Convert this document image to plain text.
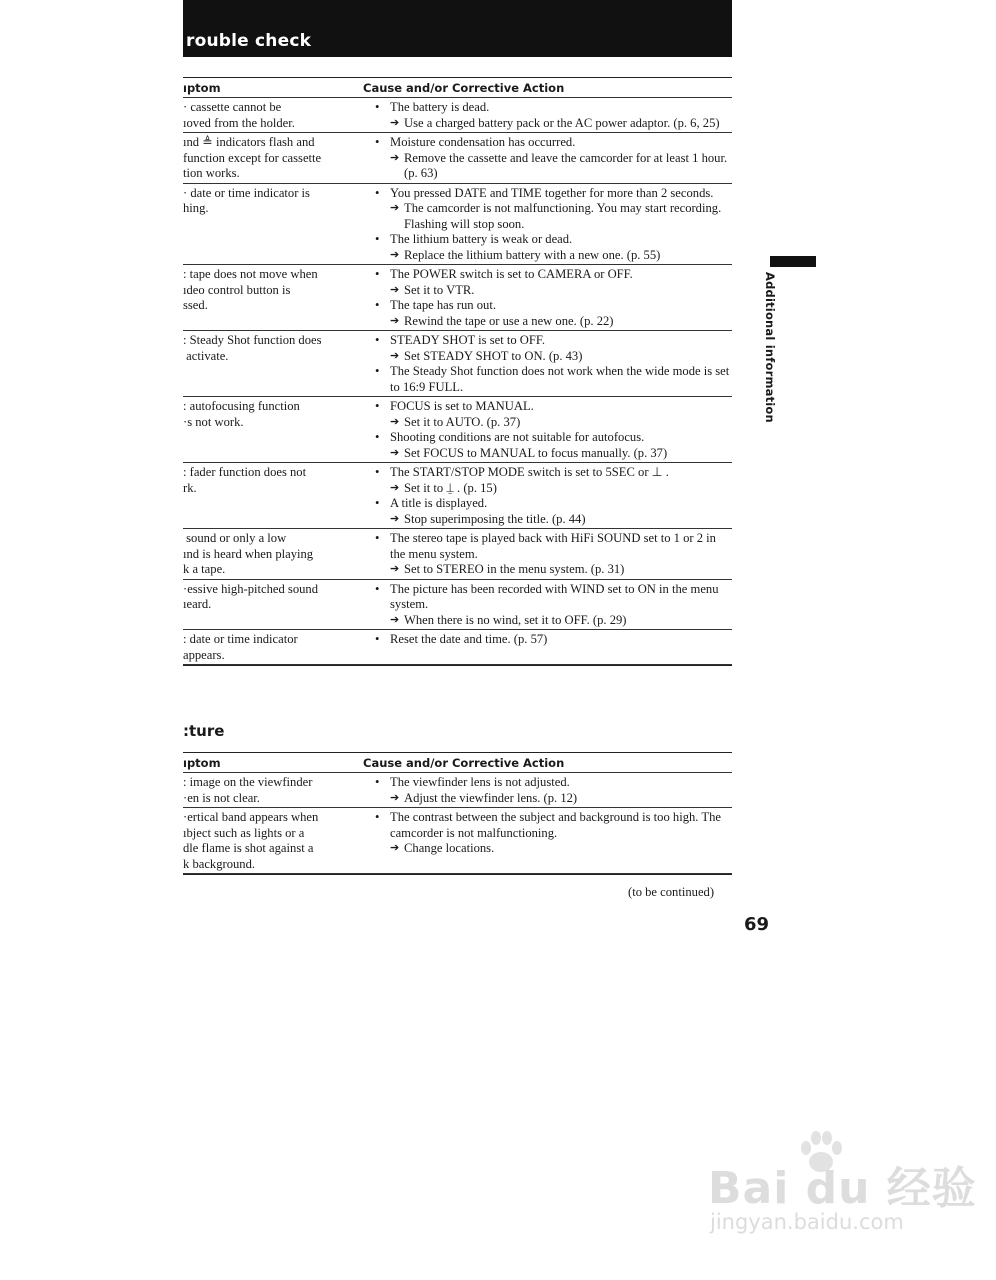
rouble check
ıptom	Cause and/or Corrective Action
· cassette cannot be
ıoved from the holder.
• The battery is dead.
➔ Use a charged battery pack or the AC power adaptor. (p. 6, 25)
ınd ≜ indicators flash and
function except for cassette
tion works.
• Moisture condensation has occurred.
➔ Remove the cassette and leave the camcorder for at least 1 hour. (p. 63)
· date or time indicator is
hing.
• You pressed DATE and TIME together for more than 2 seconds.
➔ The camcorder is not malfunctioning. You may start recording. Flashing will stop soon.
• The lithium battery is weak or dead.
➔ Replace the lithium battery with a new one. (p. 55)
: tape does not move when
ıdeo control button is
ssed.
• The POWER switch is set to CAMERA or OFF.
➔ Set it to VTR.
• The tape has run out.
➔ Rewind the tape or use a new one. (p. 22)
: Steady Shot function does
activate.
• STEADY SHOT is set to OFF.
➔ Set STEADY SHOT to ON. (p. 43)
• The Steady Shot function does not work when the wide mode is set to 16:9 FULL.
: autofocusing function
·s not work.
• FOCUS is set to MANUAL.
➔ Set it to AUTO. (p. 37)
• Shooting conditions are not suitable for autofocus.
➔ Set FOCUS to MANUAL to focus manually. (p. 37)
: fader function does not
rk.
• The START/STOP MODE switch is set to 5SEC or ⊥ .
➔ Set it to ⍊ . (p. 15)
• A title is displayed.
➔ Stop superimposing the title. (p. 44)
sound or only a low
ınd is heard when playing
k a tape.
• The stereo tape is played back with HiFi SOUND set to 1 or 2 in the menu system.
➔ Set to STEREO in the menu system. (p. 31)
·essive high-pitched sound
ıeard.
• The picture has been recorded with WIND set to ON in the menu system.
➔ When there is no wind, set it to OFF. (p. 29)
: date or time indicator
appears.
• Reset the date and time. (p. 57)
:ture
ıptom	Cause and/or Corrective Action
: image on the viewfinder
·en is not clear.
• The viewfinder lens is not adjusted.
➔ Adjust the viewfinder lens. (p. 12)
·ertical band appears when
ıbject such as lights or a
dle flame is shot against a
k background.
• The contrast between the subject and background is too high. The camcorder is not malfunctioning.
➔ Change locations.
Additional information
(to be continued)
69
Bai du 经验
jingyan.baidu.com
